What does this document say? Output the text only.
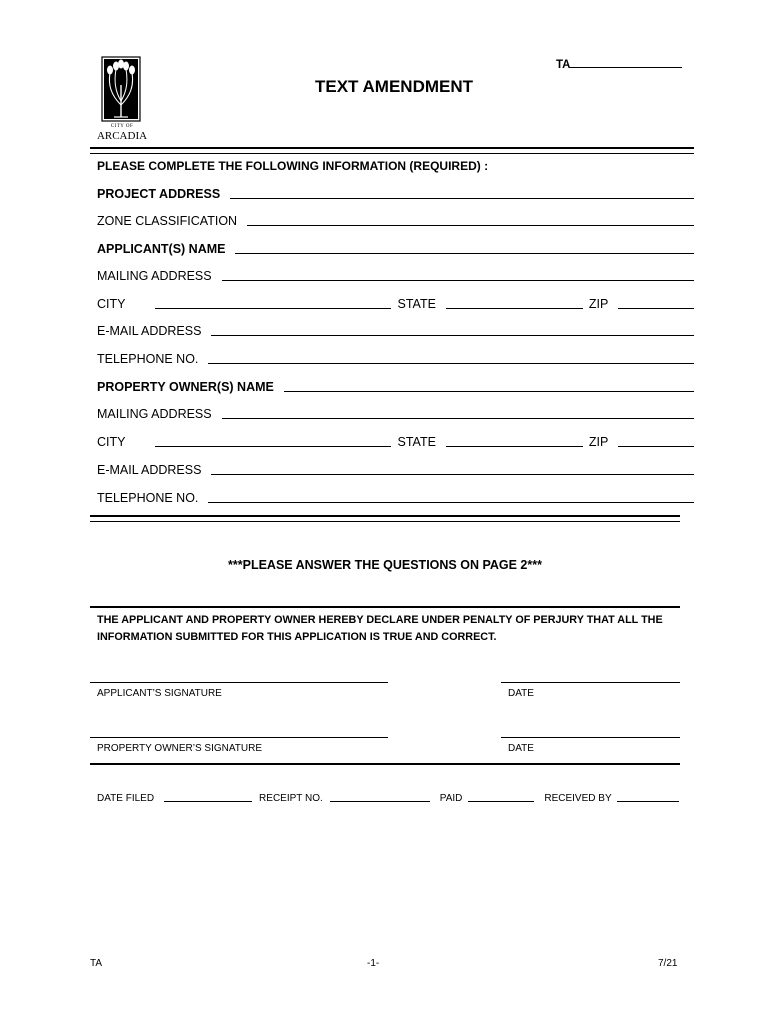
TA
CITY OF
ARCADIA
TEXT AMENDMENT
PLEASE COMPLETE THE FOLLOWING INFORMATION (REQUIRED) :
PROJECT ADDRESS
ZONE CLASSIFICATION
APPLICANT(S) NAME
MAILING ADDRESS
CITY	STATE	ZIP
E-MAIL ADDRESS
TELEPHONE NO.
PROPERTY OWNER(S) NAME
MAILING ADDRESS
CITY	STATE	ZIP
E-MAIL ADDRESS
TELEPHONE NO.
***PLEASE ANSWER THE QUESTIONS ON PAGE 2***
THE APPLICANT AND PROPERTY OWNER HEREBY DECLARE UNDER PENALTY OF PERJURY THAT ALL THE INFORMATION SUBMITTED FOR THIS APPLICATION IS TRUE AND CORRECT.
APPLICANT’S SIGNATURE	DATE
PROPERTY OWNER’S SIGNATURE	DATE
DATE FILED	RECEIPT NO.	PAID	RECEIVED BY
TA	-1-	7/21
